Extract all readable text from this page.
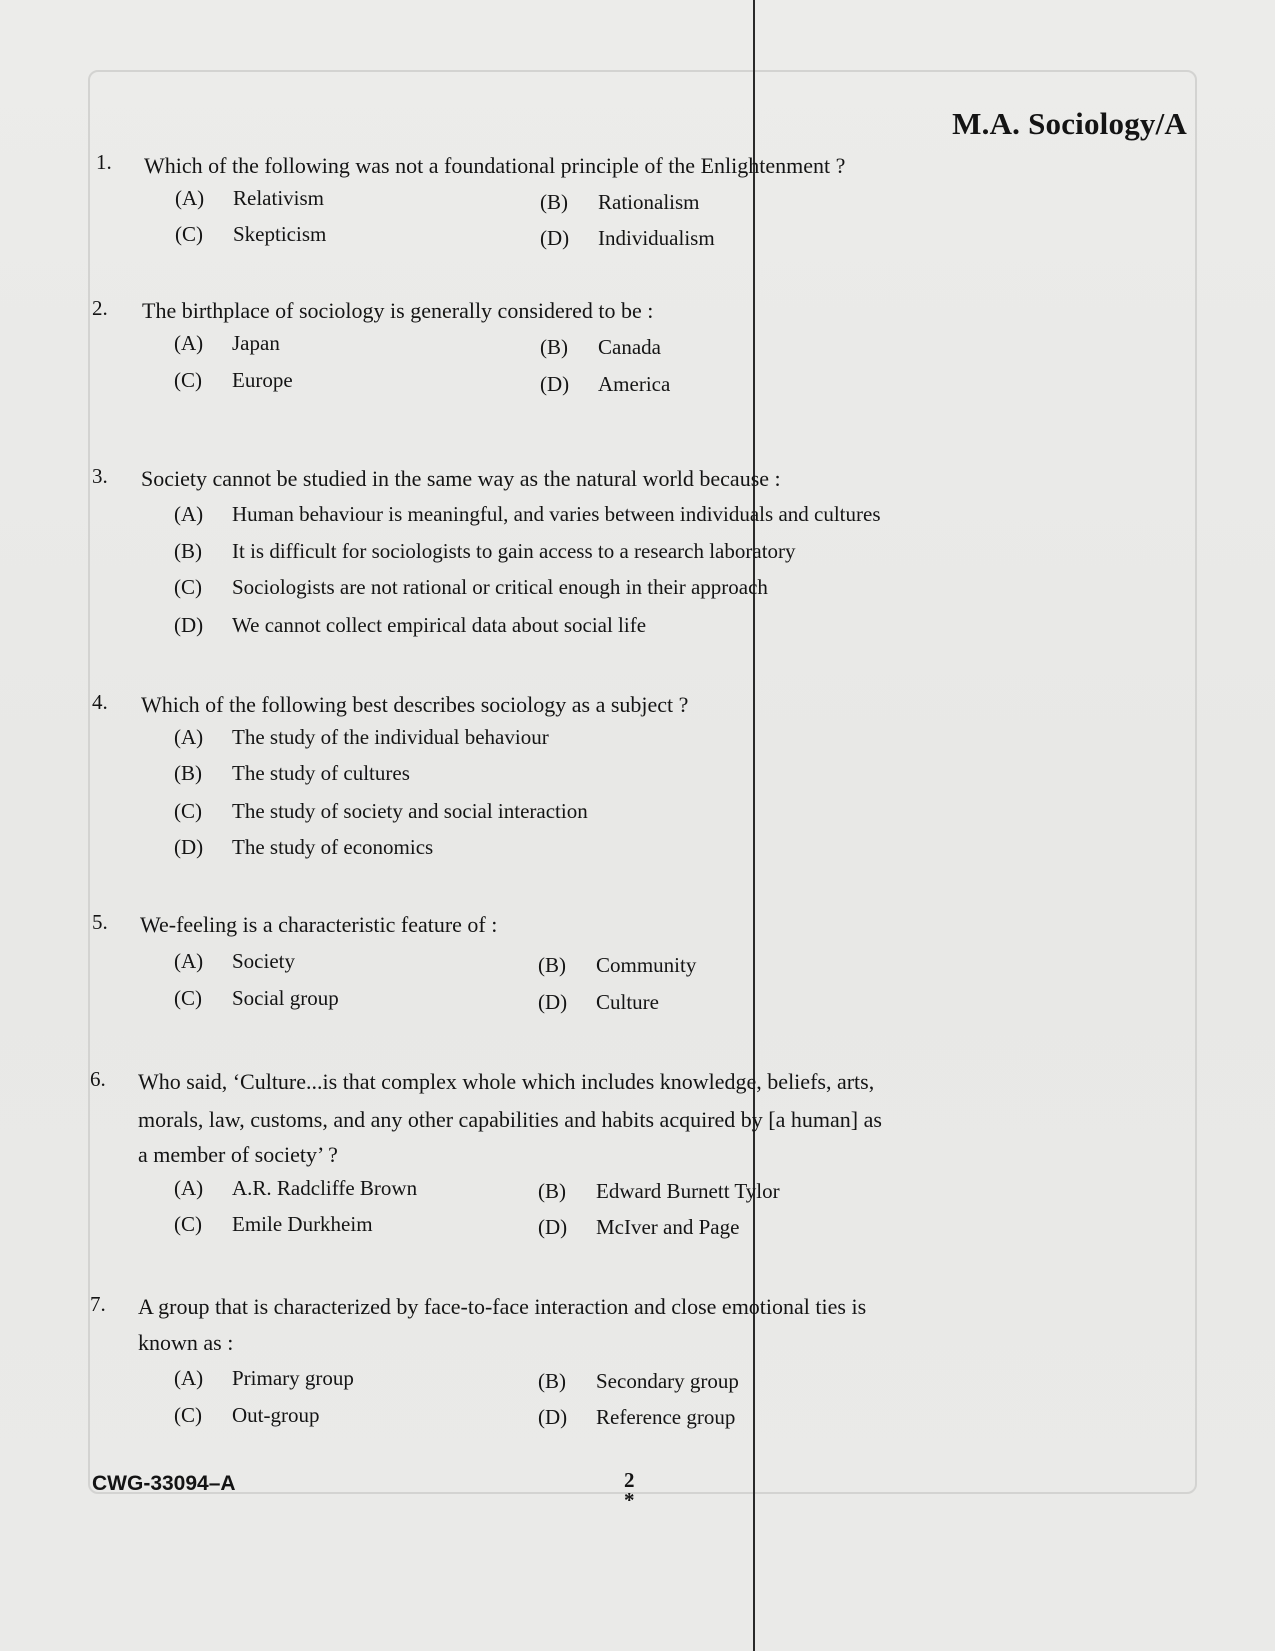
M.A. Sociology/A
1. Which of the following was not a foundational principle of the Enlightenment ?
(A) Relativism	(B) Rationalism
(C) Skepticism	(D) Individualism
2. The birthplace of sociology is generally considered to be :
(A) Japan	(B) Canada
(C) Europe	(D) America
3. Society cannot be studied in the same way as the natural world because :
(A) Human behaviour is meaningful, and varies between individuals and cultures
(B) It is difficult for sociologists to gain access to a research laboratory
(C) Sociologists are not rational or critical enough in their approach
(D) We cannot collect empirical data about social life
4. Which of the following best describes sociology as a subject ?
(A) The study of the individual behaviour
(B) The study of cultures
(C) The study of society and social interaction
(D) The study of economics
5. We-feeling is a characteristic feature of :
(A) Society	(B) Community
(C) Social group	(D) Culture
6. Who said, ‘Culture...is that complex whole which includes knowledge, beliefs, arts,
morals, law, customs, and any other capabilities and habits acquired by [a human] as
a member of society’ ?
(A) A.R. Radcliffe Brown	(B) Edward Burnett Tylor
(C) Emile Durkheim	(D) McIver and Page
7. A group that is characterized by face-to-face interaction and close emotional ties is
known as :
(A) Primary group	(B) Secondary group
(C) Out-group	(D) Reference group
CWG-33094–A	2
*
